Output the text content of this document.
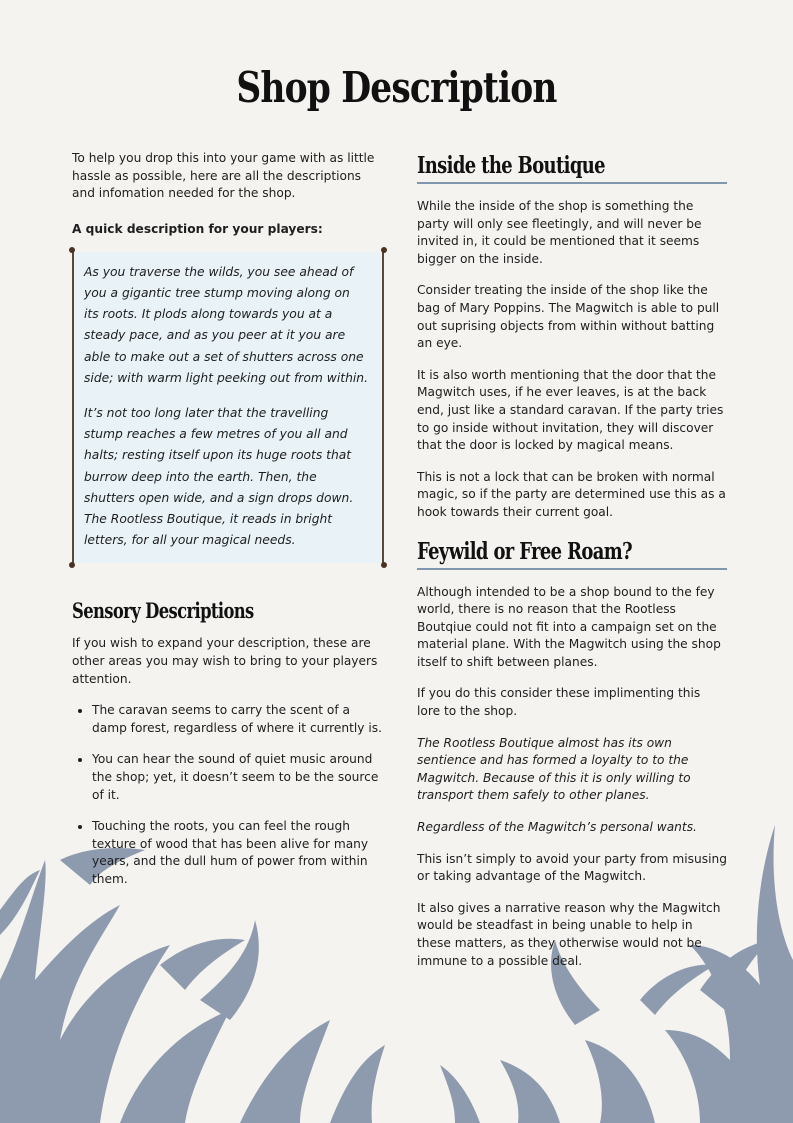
Shop Description

To help you drop this into your game with as little hassle as possible, here are all the descriptions and infomation needed for the shop.

A quick description for your players:

As you traverse the wilds, you see ahead of you a gigantic tree stump moving along on its roots. It plods along towards you at a steady pace, and as you peer at it you are able to make out a set of shutters across one side; with warm light peeking out from within.

It’s not too long later that the travelling stump reaches a few metres of you all and halts; resting itself upon its huge roots that burrow deep into the earth. Then, the shutters open wide, and a sign drops down. The Rootless Boutique, it reads in bright letters, for all your magical needs.

Sensory Descriptions

If you wish to expand your description, these are other areas you may wish to bring to your players attention.

• The caravan seems to carry the scent of a damp forest, regardless of where it currently is.
• You can hear the sound of quiet music around the shop; yet, it doesn’t seem to be the source of it.
• Touching the roots, you can feel the rough texture of wood that has been alive for many years, and the dull hum of power from within them.
Inside the Boutique

While the inside of the shop is something the party will only see fleetingly, and will never be invited in, it could be mentioned that it seems bigger on the inside.

Consider treating the inside of the shop like the bag of Mary Poppins. The Magwitch is able to pull out suprising objects from within without batting an eye.

It is also worth mentioning that the door that the Magwitch uses, if he ever leaves, is at the back end, just like a standard caravan. If the party tries to go inside without invitation, they will discover that the door is locked by magical means.

This is not a lock that can be broken with normal magic, so if the party are determined use this as a hook towards their current goal.

Feywild or Free Roam?

Although intended to be a shop bound to the fey world, there is no reason that the Rootless Boutqiue could not fit into a campaign set on the material plane. With the Magwitch using the shop itself to shift between planes.

If you do this consider these implimenting this lore to the shop.

The Rootless Boutique almost has its own sentience and has formed a loyalty to to the Magwitch. Because of this it is only willing to transport them safely to other planes.

Regardless of the Magwitch’s personal wants.

This isn’t simply to avoid your party from misusing or taking advantage of the Magwitch.

It also gives a narrative reason why the Magwitch would be steadfast in being unable to help in these matters, as they otherwise would not be immune to a possible deal.
